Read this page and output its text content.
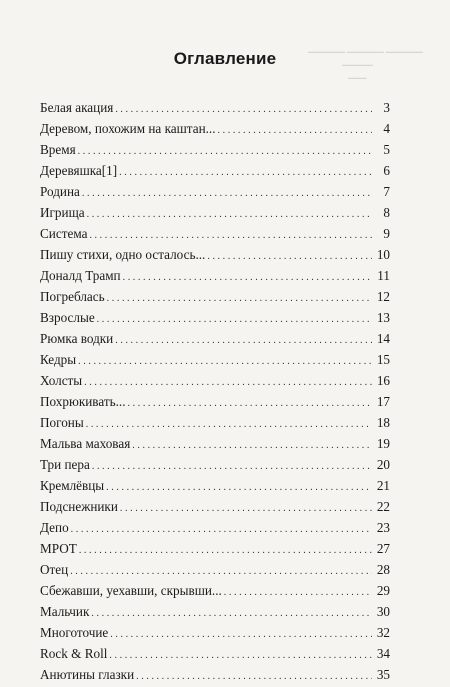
▁▁▁▁▁▁ ▁▁▁▁▁▁ ▁▁▁▁▁▁
▁▁▁▁▁
▁▁▁
Оглавление
Белая акация .....	3
Деревом, похожим на каштан... .....	4
Время .....	5
Деревяшка[1] .....	6
Родина .....	7
Игрища .....	8
Система .....	9
Пишу стихи, одно осталось... .....	10
Доналд Трамп .....	11
Погреблась .....	12
Взрослые .....	13
Рюмка водки .....	14
Кедры .....	15
Холсты .....	16
Похрюкивать... .....	17
Погоны .....	18
Мальва маховая .....	19
Три пера .....	20
Кремлёвцы .....	21
Подснежники .....	22
Депо .....	23
МРОТ .....	27
Отец .....	28
Сбежавши, уехавши, скрывши... .....	29
Мальчик .....	30
Многоточие .....	32
Rock & Roll .....	34
Анютины глазки .....	35
